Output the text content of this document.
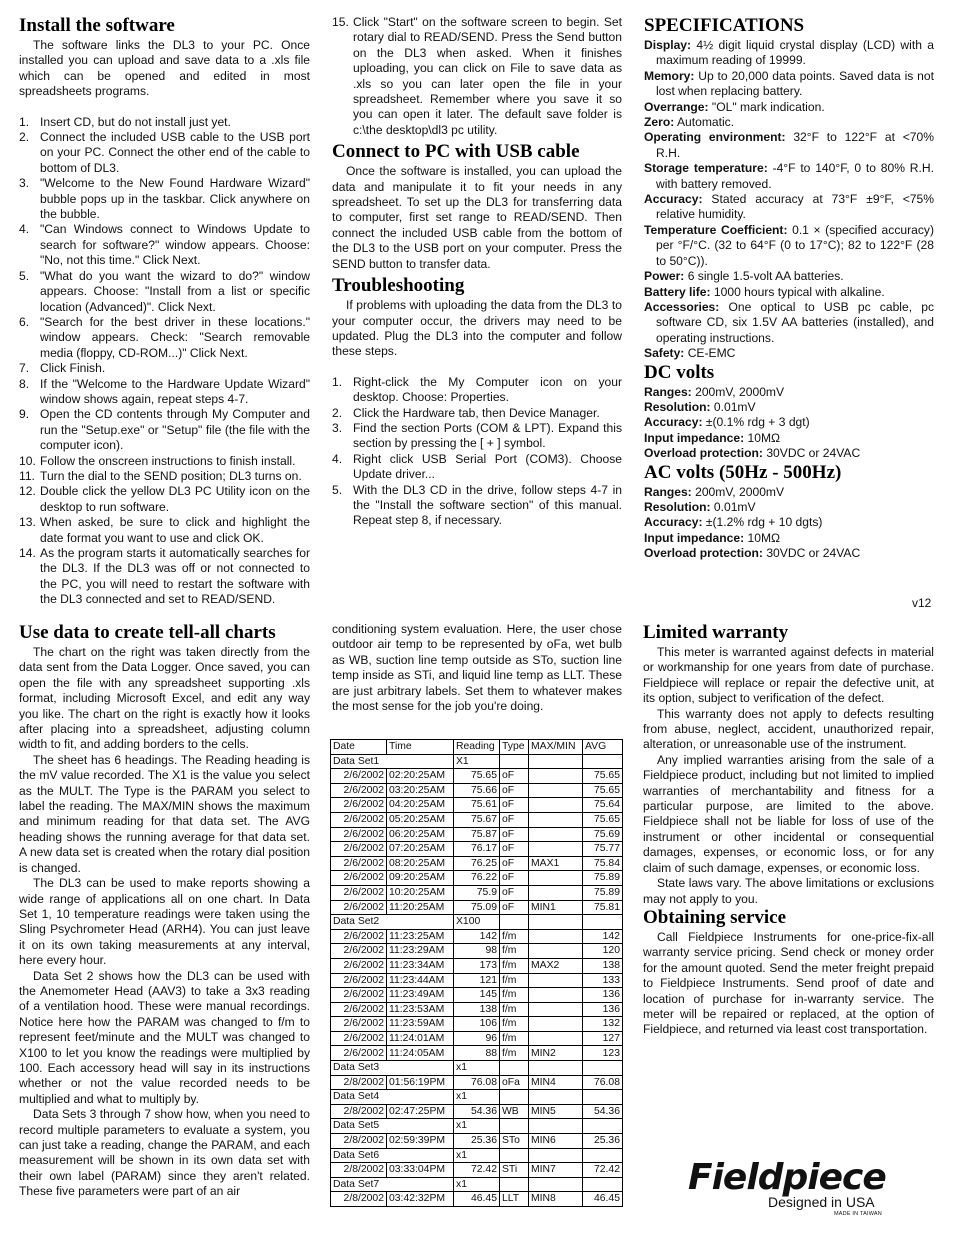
Install the software

The software links the DL3 to your PC. Once installed you can upload and save data to a .xls file which can be opened and edited in most spreadsheets programs.

1. Insert CD, but do not install just yet.
2. Connect the included USB cable to the USB port on your PC. Connect the other end of the cable to bottom of DL3.
3. "Welcome to the New Found Hardware Wizard" bubble pops up in the taskbar. Click anywhere on the bubble.
4. "Can Windows connect to Windows Update to search for software?" window appears. Choose: "No, not this time." Click Next.
5. "What do you want the wizard to do?" window appears. Choose: "Install from a list or specific location (Advanced)". Click Next.
6. "Search for the best driver in these locations." window appears. Check: "Search removable media (floppy, CD-ROM...)" Click Next.
7. Click Finish.
8. If the "Welcome to the Hardware Update Wizard" window shows again, repeat steps 4-7.
9. Open the CD contents through My Computer and run the "Setup.exe" or "Setup" file (the file with the computer icon).
10. Follow the onscreen instructions to finish install.
11. Turn the dial to the SEND position; DL3 turns on.
12. Double click the yellow DL3 PC Utility icon on the desktop to run software.
13. When asked, be sure to click and highlight the date format you want to use and click OK.
14. As the program starts it automatically searches for the DL3. If the DL3 was off or not connected to the PC, you will need to restart the software with the DL3 connected and set to READ/SEND.
15. Click "Start" on the software screen to begin. Set rotary dial to READ/SEND. Press the Send button on the DL3 when asked. When it finishes uploading, you can click on File to save data as .xls so you can later open the file in your spreadsheet. Remember where you save it so you can open it later. The default save folder is c:\the desktop\dl3 pc utility.
Connect to PC with USB cable

Once the software is installed, you can upload the data and manipulate it to fit your needs in any spreadsheet. To set up the DL3 for transferring data to computer, first set range to READ/SEND. Then connect the included USB cable from the bottom of the DL3 to the USB port on your computer. Press the SEND button to transfer data.

Troubleshooting

If problems with uploading the data from the DL3 to your computer occur, the drivers may need to be updated. Plug the DL3 into the computer and follow these steps.

1. Right-click the My Computer icon on your desktop. Choose: Properties.
2. Click the Hardware tab, then Device Manager.
3. Find the section Ports (COM & LPT). Expand this section by pressing the [ + ] symbol.
4. Right click USB Serial Port (COM3). Choose Update driver...
5. With the DL3 CD in the drive, follow steps 4-7 in the "Install the software section" of this manual. Repeat step 8, if necessary.
SPECIFICATIONS
Display: 4½ digit liquid crystal display (LCD) with a maximum reading of 19999.
Memory: Up to 20,000 data points. Saved data is not lost when replacing battery.
Overrange: "OL" mark indication.
Zero: Automatic.
Operating environment: 32°F to 122°F at <70% R.H.
Storage temperature: -4°F to 140°F, 0 to 80% R.H. with battery removed.
Accuracy: Stated accuracy at 73°F ±9°F, <75% relative humidity.
Temperature Coefficient: 0.1 × (specified accuracy) per °F/°C. (32 to 64°F (0 to 17°C); 82 to 122°F (28 to 50°C)).
Power: 6 single 1.5-volt AA batteries.
Battery life: 1000 hours typical with alkaline.
Accessories: One optical to USB pc cable, pc software CD, six 1.5V AA batteries (installed), and operating instructions.
Safety: CE-EMC
DC volts
Ranges: 200mV, 2000mV
Resolution: 0.01mV
Accuracy: ±(0.1% rdg + 3 dgt)
Input impedance: 10MΩ
Overload protection: 30VDC or 24VAC
AC volts (50Hz - 500Hz)
Ranges: 200mV, 2000mV
Resolution: 0.01mV
Accuracy: ±(1.2% rdg + 10 dgts)
Input impedance: 10MΩ
Overload protection: 30VDC or 24VAC
v12
Use data to create tell-all charts

The chart on the right was taken directly from the data sent from the Data Logger. Once saved, you can open the file with any spreadsheet supporting .xls format, including Microsoft Excel, and edit any way you like. The chart on the right is exactly how it looks after placing into a spreadsheet, adjusting column width to fit, and adding borders to the cells.

The sheet has 6 headings. The Reading heading is the mV value recorded. The X1 is the value you select as the MULT. The Type is the PARAM you select to label the reading. The MAX/MIN shows the maximum and minimum reading for that data set. The AVG heading shows the running average for that data set. A new data set is created when the rotary dial position is changed.

The DL3 can be used to make reports showing a wide range of applications all on one chart. In Data Set 1, 10 temperature readings were taken using the Sling Psychrometer Head (ARH4). You can just leave it on its own taking measurements at any interval, here every hour.

Data Set 2 shows how the DL3 can be used with the Anemometer Head (AAV3) to take a 3x3 reading of a ventilation hood. These were manual recordings. Notice here how the PARAM was changed to f/m to represent feet/minute and the MULT was changed to X100 to let you know the readings were multiplied by 100. Each accessory head will say in its instructions whether or not the value recorded needs to be multiplied and what to multiply by.

Data Sets 3 through 7 show how, when you need to record multiple parameters to evaluate a system, you can just take a reading, change the PARAM, and each measurement will be shown in its own data set with their own label (PARAM) since they aren't related. These five parameters were part of an air

conditioning system evaluation. Here, the user chose outdoor air temp to be represented by oFa, wet bulb as WB, suction line temp outside as STo, suction line temp inside as STi, and liquid line temp as LLT. These are just arbitrary labels. Set them to whatever makes the most sense for the job you're doing.

Date	Time	Reading	Type	MAX/MIN	AVG
Data Set1		X1			
2/6/2002	02:20:25AM	75.65	oF		75.65
2/6/2002	03:20:25AM	75.66	oF		75.65
2/6/2002	04:20:25AM	75.61	oF		75.64
2/6/2002	05:20:25AM	75.67	oF		75.65
2/6/2002	06:20:25AM	75.87	oF		75.69
2/6/2002	07:20:25AM	76.17	oF		75.77
2/6/2002	08:20:25AM	76.25	oF	MAX1	75.84
2/6/2002	09:20:25AM	76.22	oF		75.89
2/6/2002	10:20:25AM	75.9	oF		75.89
2/6/2002	11:20:25AM	75.09	oF	MIN1	75.81
Data Set2		X100			
2/6/2002	11:23:25AM	142	f/m		142
2/6/2002	11:23:29AM	98	f/m		120
2/6/2002	11:23:34AM	173	f/m	MAX2	138
2/6/2002	11:23:44AM	121	f/m		133
2/6/2002	11:23:49AM	145	f/m		136
2/6/2002	11:23:53AM	138	f/m		136
2/6/2002	11:23:59AM	106	f/m		132
2/6/2002	11:24:01AM	96	f/m		127
2/6/2002	11:24:05AM	88	f/m	MIN2	123
Data Set3		x1			
2/8/2002	01:56:19PM	76.08	oFa	MIN4	76.08
Data Set4		x1			
2/8/2002	02:47:25PM	54.36	WB	MIN5	54.36
Data Set5		x1			
2/8/2002	02:59:39PM	25.36	STo	MIN6	25.36
Data Set6		x1			
2/8/2002	03:33:04PM	72.42	STi	MIN7	72.42
Data Set7		x1			
2/8/2002	03:42:32PM	46.45	LLT	MIN8	46.45
Limited warranty

This meter is warranted against defects in material or workmanship for one years from date of purchase. Fieldpiece will replace or repair the defective unit, at its option, subject to verification of the defect.

This warranty does not apply to defects resulting from abuse, neglect, accident, unauthorized repair, alteration, or unreasonable use of the instrument.

Any implied warranties arising from the sale of a Fieldpiece product, including but not limited to implied warranties of merchantability and fitness for a particular purpose, are limited to the above. Fieldpiece shall not be liable for loss of use of the instrument or other incidental or consequential damages, expenses, or economic loss, or for any claim of such damage, expenses, or economic loss.

State laws vary. The above limitations or exclusions may not apply to you.

Obtaining service

Call Fieldpiece Instruments for one-price-fix-all warranty service pricing. Send check or money order for the amount quoted. Send the meter freight prepaid to Fieldpiece Instruments. Send proof of date and location of purchase for in-warranty service. The meter will be repaired or replaced, at the option of Fieldpiece, and returned via least cost transportation.

Fieldpiece
Designed in USA
MADE IN TAIWAN
